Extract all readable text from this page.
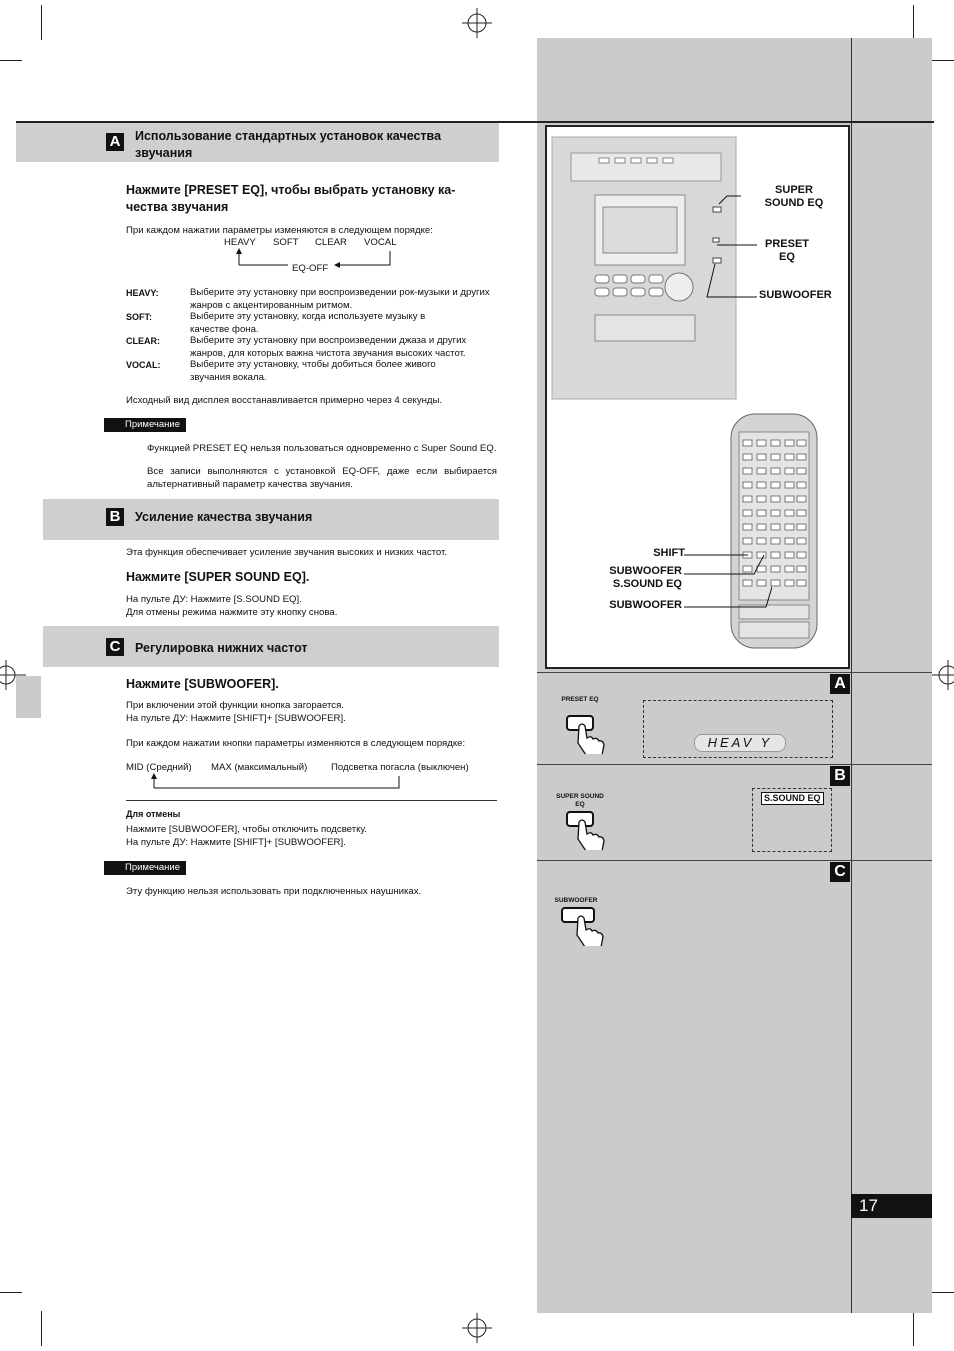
SUPER SOUND EQ
PRESET EQ
SUBWOOFER
SHIFT
SUBWOOFER S.SOUND EQ
SUBWOOFER
A
PRESET EQ
HEAV Y
B
SUPER SOUND EQ
S.SOUND EQ
C
SUBWOOFER
17
A Использование стандартных установок качества звучания
Нажмите [PRESET EQ], чтобы выбрать установку ка- чества звучания
При каждом нажатии параметры изменяются в следующем порядке:
HEAVY SOFT CLEAR VOCAL
EQ-OFF
HEAVY:	Выберите эту установку при воспроизведении рок-музыки и других жанров с акцентированным ритмом.
SOFT:	Выберите эту установку, когда используете музыку в качестве фона.
CLEAR:	Выберите эту установку при воспроизведении джаза и других жанров, для которых важна чистота звучания высоких частот.
VOCAL:	Выберите эту установку, чтобы добиться более живого звучания вокала.
Исходный вид дисплея восстанавливается примерно через 4 секунды.
Примечание
Функцией PRESET EQ нельзя пользоваться одновременно с Super Sound EQ.
Все записи выполняются с установкой EQ-OFF, даже если выбирается альтернативный параметр качества звучания.
B Усиление качества звучания
Эта функция обеспечивает усиление звучания высоких и низких частот.
Нажмите [SUPER SOUND EQ].
На пульте ДУ: Нажмите [S.SOUND EQ].
Для отмены режима нажмите эту кнопку снова.
C Регулировка нижних частот
Нажмите [SUBWOOFER].
При включении этой функции кнопка загорается.
На пульте ДУ: Нажмите [SHIFT]+ [SUBWOOFER].
При каждом нажатии кнопки параметры изменяются в следующем порядке:
MID (Средний) MAX (максимальный) Подсветка погасла (выключен)
Для отмены
Нажмите [SUBWOOFER], чтобы отключить подсветку.
На пульте ДУ: Нажмите [SHIFT]+ [SUBWOOFER].
Примечание
Эту функцию нельзя использовать при подключенных наушниках.
